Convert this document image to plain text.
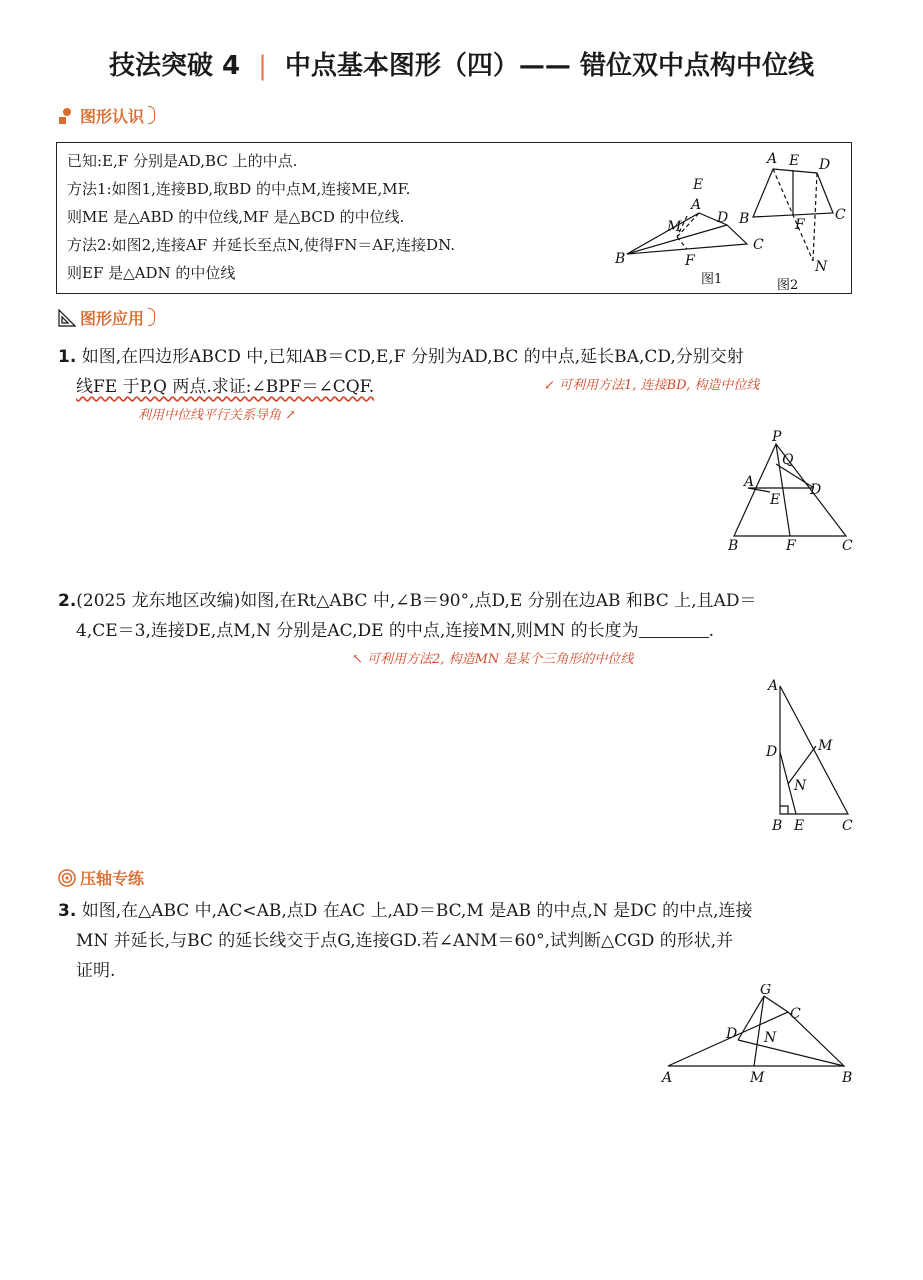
技法突破 4 | 中点基本图形（四）—— 错位双中点构中位线
图形认识
已知:E,F 分别是AD,BC 上的中点.
方法1:如图1,连接BD,取BD 的中点M,连接ME,MF.
则ME 是△ABD 的中位线,MF 是△BCD 的中位线.
方法2:如图2,连接AF 并延长至点N,使得FN＝AF,连接DN.
则EF 是△ADN 的中位线
A
D
M
B
C
F
图1
E
A E D
B	C
F
N
图2
图形应用
1. 如图,在四边形ABCD 中,已知AB＝CD,E,F 分别为AD,BC 的中点,延长BA,CD,分别交射
线FE 于P,Q 两点.求证:∠BPF＝∠CQF.	↙ 可利用方法1, 连接BD, 构造中位线
利用中位线平行关系导角 ↗
P
Q
A	D
E
B	F	C
2.(2025 龙东地区改编)如图,在Rt△ABC 中,∠B＝90°,点D,E 分别在边AB 和BC 上,且AD＝
4,CE＝3,连接DE,点M,N 分别是AC,DE 的中点,连接MN,则MN 的长度为	.
↖ 可利用方法2, 构造MN 是某个三角形的中位线
A
D	M
N
B E	C
压轴专练
3. 如图,在△ABC 中,AC<AB,点D 在AC 上,AD＝BC,M 是AB 的中点,N 是DC 的中点,连接
MN 并延长,与BC 的延长线交于点G,连接GD.若∠ANM＝60°,试判断△CGD 的形状,并
证明.
G
C
D N
A	M	B
